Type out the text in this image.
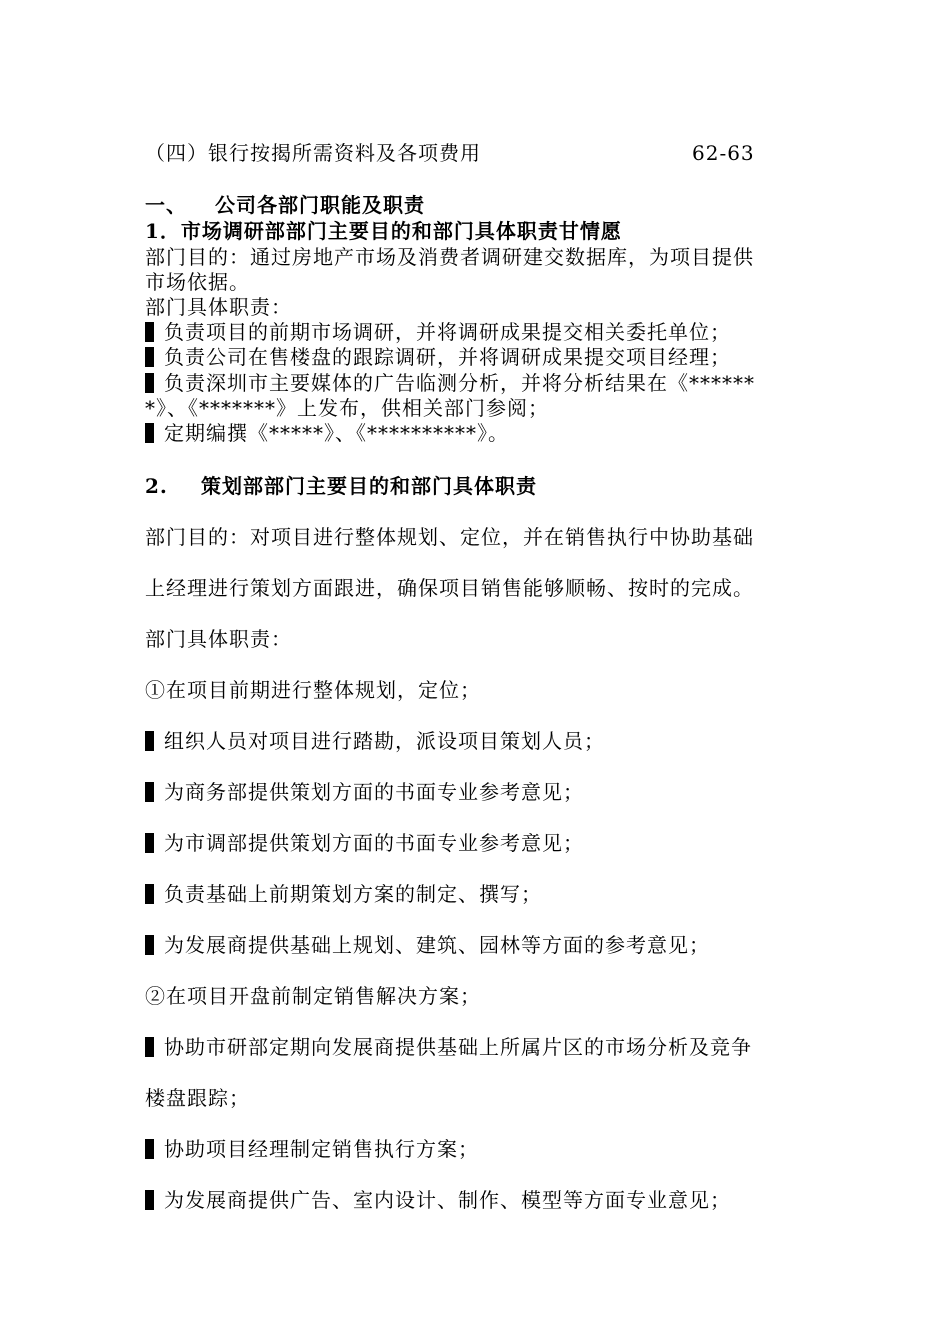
（四）银行按揭所需资料及各项费用	62-63
一、 公司各部门职能及职责
1．市场调研部部门主要目的和部门具体职责甘情愿
部门目的：通过房地产市场及消费者调研建交数据库，为项目提供
市场依据。
部门具体职责：
负责项目的前期市场调研，并将调研成果提交相关委托单位；
负责公司在售楼盘的跟踪调研，并将调研成果提交项目经理；
负责深圳市主要媒体的广告临测分析，并将分析结果在《******
*》、《*******》上发布，供相关部门参阅；
定期编撰《*****》、《**********》。
2. 策划部部门主要目的和部门具体职责
部门目的：对项目进行整体规划、定位，并在销售执行中协助基础
上经理进行策划方面跟进，确保项目销售能够顺畅、按时的完成。
部门具体职责：
①在项目前期进行整体规划，定位；
组织人员对项目进行踏勘，派设项目策划人员；
为商务部提供策划方面的书面专业参考意见；
为市调部提供策划方面的书面专业参考意见；
负责基础上前期策划方案的制定、撰写；
为发展商提供基础上规划、建筑、园林等方面的参考意见；
②在项目开盘前制定销售解决方案；
协助市研部定期向发展商提供基础上所属片区的市场分析及竞争
楼盘跟踪；
协助项目经理制定销售执行方案；
为发展商提供广告、室内设计、制作、模型等方面专业意见；
